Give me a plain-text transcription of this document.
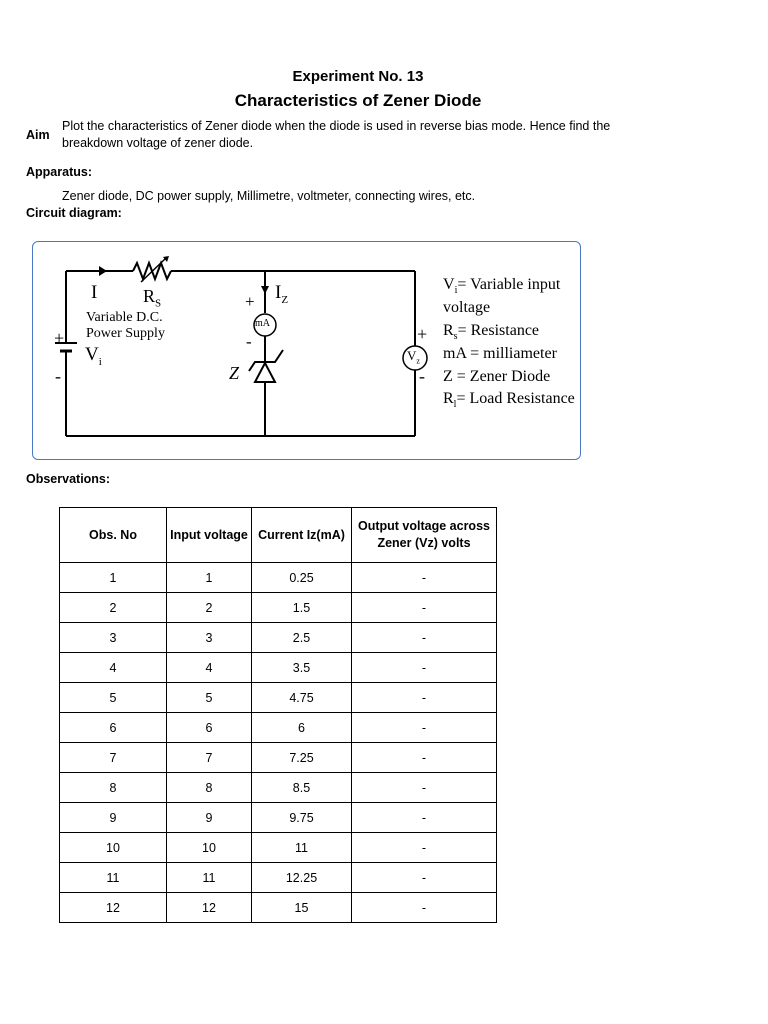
Experiment No. 13
Characteristics of Zener Diode
Aim
Plot the characteristics of Zener diode when the diode is used in reverse bias mode. Hence find the breakdown voltage of zener diode.
Apparatus:
Zener diode, DC power supply, Millimetre, voltmeter, connecting wires, etc.
Circuit diagram:
I	$R_S$
Variable D.C.
Power Supply
$V_i$
+
-
$I_Z$
+
-
mA
Z
$V_z$
+
-
$V_i=$ Variable input
voltage
$R_s=$ Resistance
mA = milliameter
Z = Zener Diode
$R_l=$ Load Resistance
Observations:
Obs. No	Input voltage	Current Iz(mA)	Output voltage across Zener (Vz) volts
1	1	0.25	-
2	2	1.5	-
3	3	2.5	-
4	4	3.5	-
5	5	4.75	-
6	6	6	-
7	7	7.25	-
8	8	8.5	-
9	9	9.75	-
10	10	11	-
11	11	12.25	-
12	12	15	-
